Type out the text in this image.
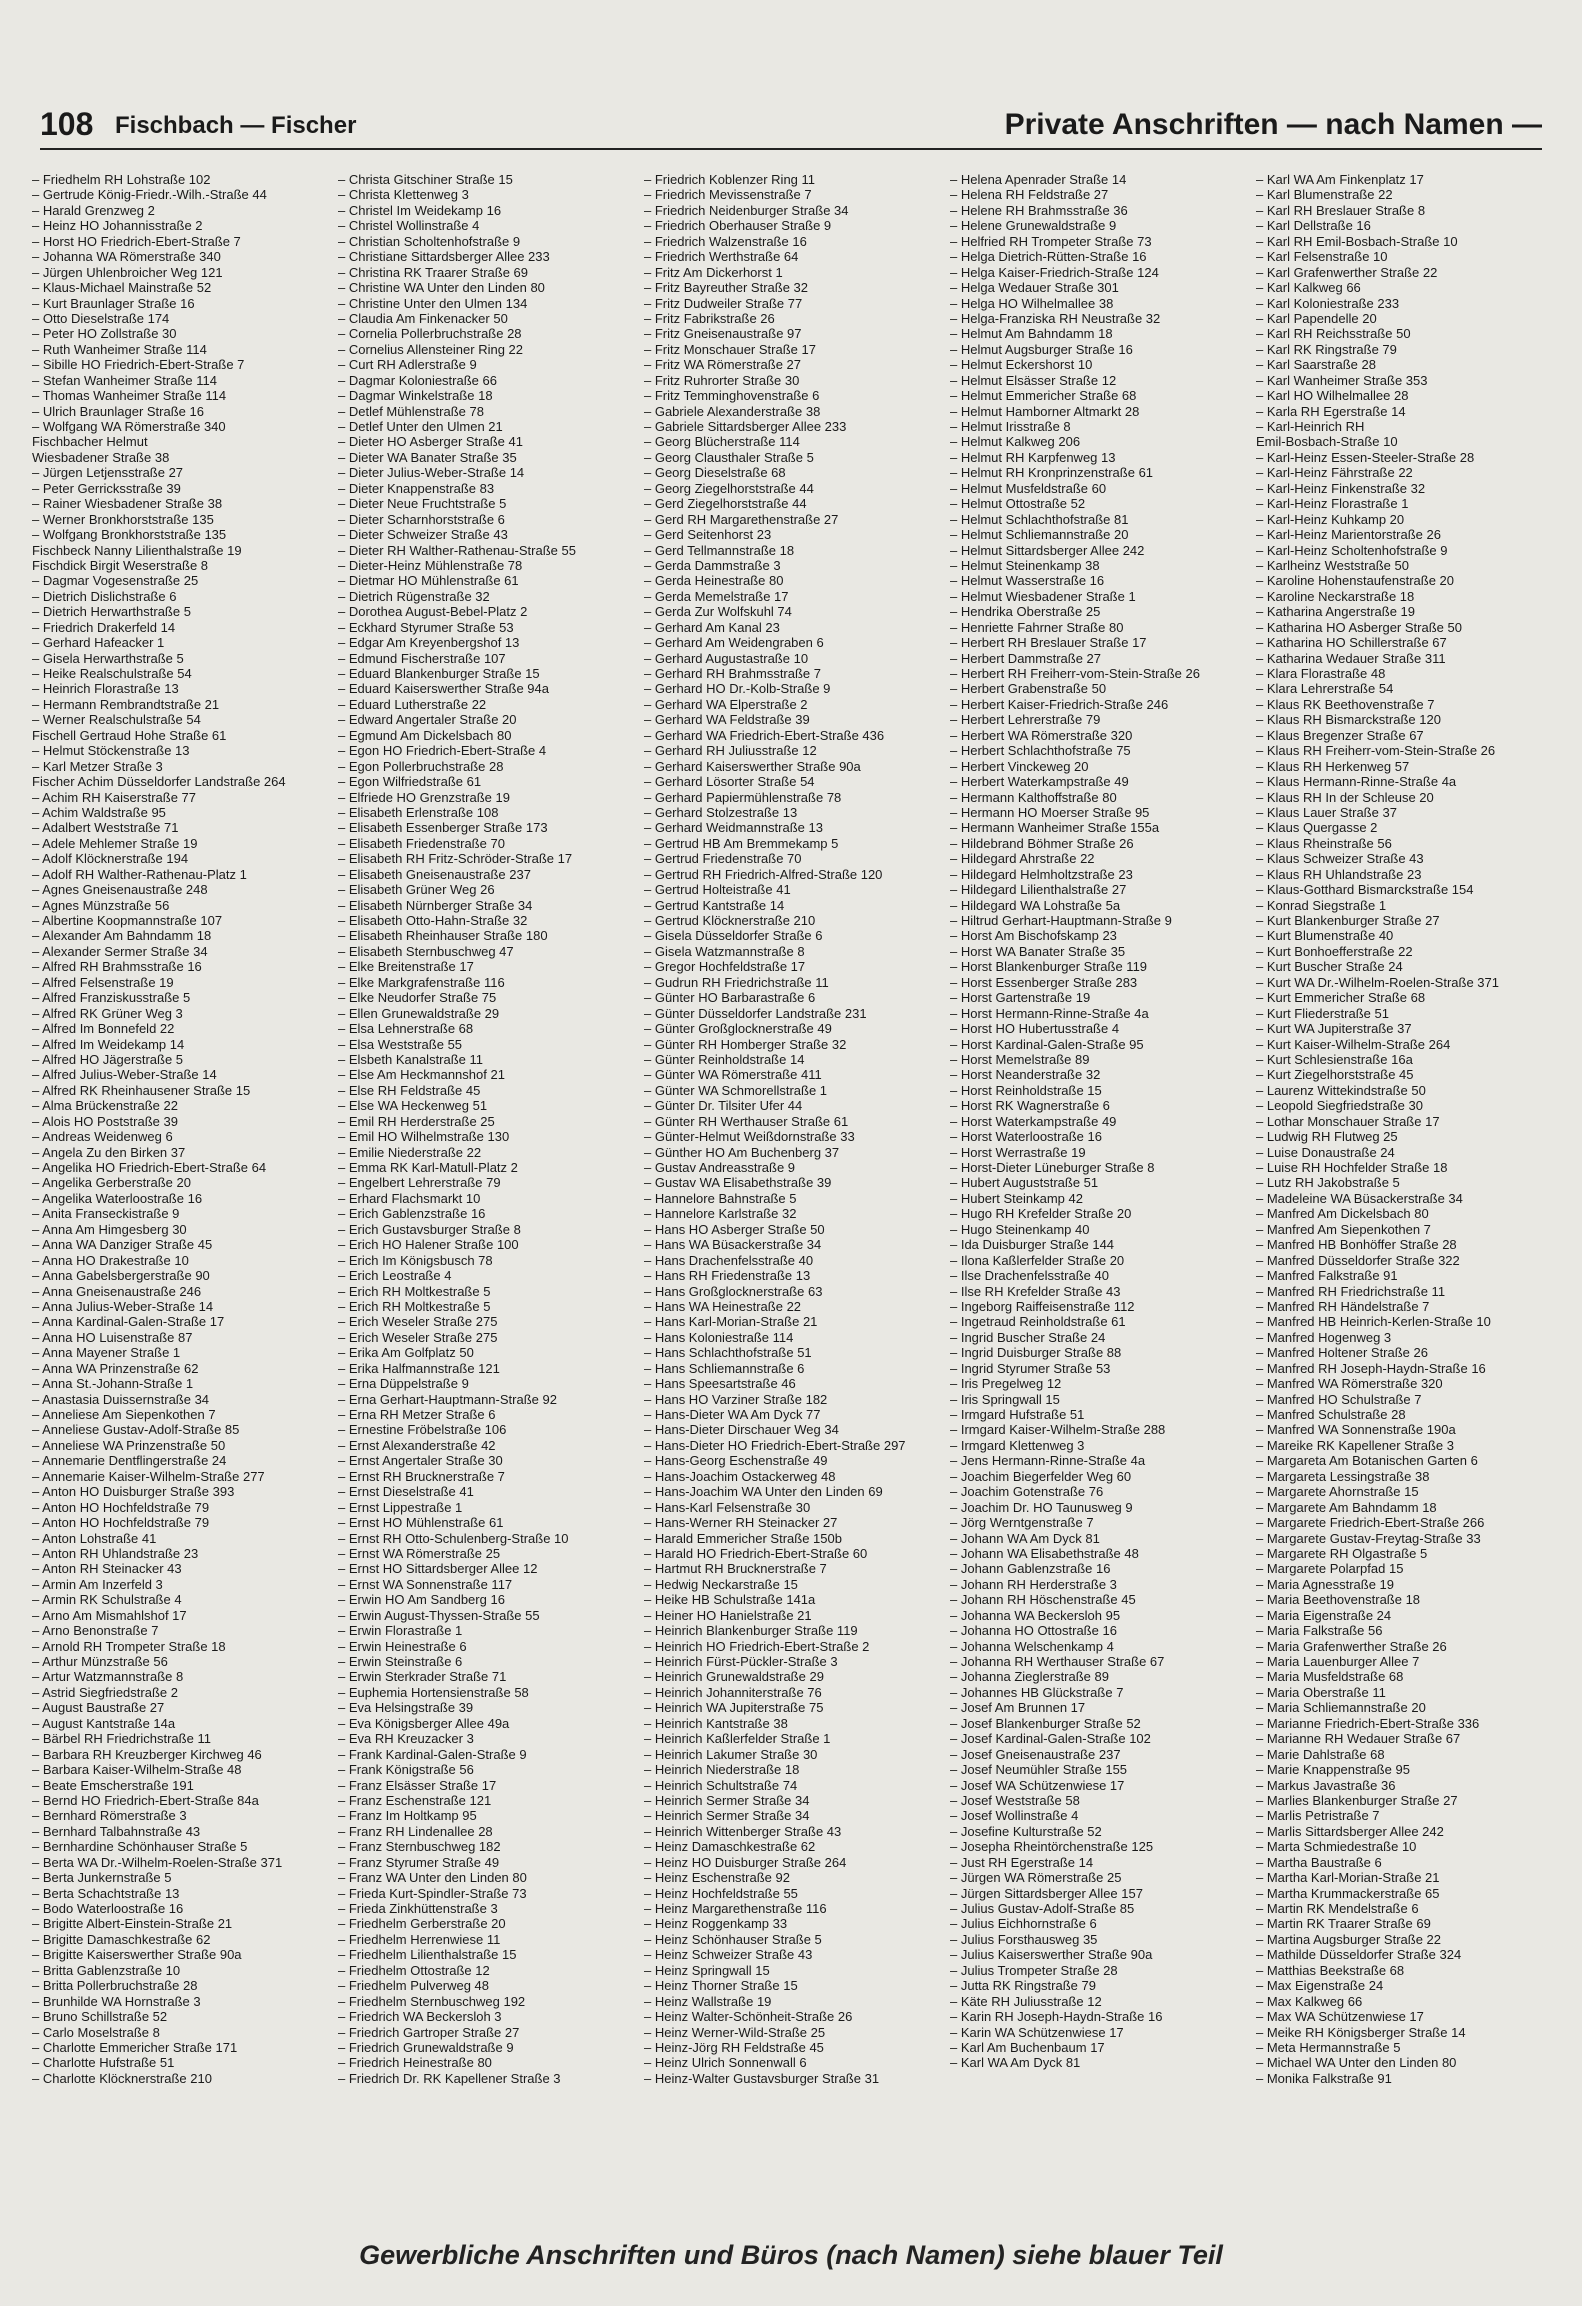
108 Fischbach — Fischer	Private Anschriften — nach Namen —
– Friedhelm RH Lohstraße 102
– Gertrude König-Friedr.-Wilh.-Straße 44
– Harald Grenzweg 2
– Heinz HO Johannisstraße 2
– Horst HO Friedrich-Ebert-Straße 7
– Johanna WA Römerstraße 340
– Jürgen Uhlenbroicher Weg 121
– Klaus-Michael Mainstraße 52
– Kurt Braunlager Straße 16
– Otto Dieselstraße 174
– Peter HO Zollstraße 30
– Ruth Wanheimer Straße 114
– Sibille HO Friedrich-Ebert-Straße 7
– Stefan Wanheimer Straße 114
– Thomas Wanheimer Straße 114
– Ulrich Braunlager Straße 16
– Wolfgang WA Römerstraße 340
Fischbacher Helmut
Wiesbadener Straße 38
– Jürgen Letjensstraße 27
– Peter Gerricksstraße 39
– Rainer Wiesbadener Straße 38
– Werner Bronkhorststraße 135
– Wolfgang Bronkhorststraße 135
Fischbeck Nanny Lilienthalstraße 19
Fischdick Birgit Weserstraße 8
– Dagmar Vogesenstraße 25
– Dietrich Dislichstraße 6
– Dietrich Herwarthstraße 5
– Friedrich Drakerfeld 14
– Gerhard Hafeacker 1
– Gisela Herwarthstraße 5
– Heike Realschulstraße 54
– Heinrich Florastraße 13
– Hermann Rembrandtstraße 21
– Werner Realschulstraße 54
Fischell Gertraud Hohe Straße 61
– Helmut Stöckenstraße 13
– Karl Metzer Straße 3
Fischer Achim Düsseldorfer Landstraße 264
– Achim RH Kaiserstraße 77
– Achim Waldstraße 95
– Adalbert Weststraße 71
– Adele Mehlemer Straße 19
– Adolf Klöcknerstraße 194
– Adolf RH Walther-Rathenau-Platz 1
– Agnes Gneisenaustraße 248
– Agnes Münzstraße 56
– Albertine Koopmannstraße 107
– Alexander Am Bahndamm 18
– Alexander Sermer Straße 34
– Alfred RH Brahmsstraße 16
– Alfred Felsenstraße 19
– Alfred Franziskusstraße 5
– Alfred RK Grüner Weg 3
– Alfred Im Bonnefeld 22
– Alfred Im Weidekamp 14
– Alfred HO Jägerstraße 5
– Alfred Julius-Weber-Straße 14
– Alfred RK Rheinhausener Straße 15
– Alma Brückenstraße 22
– Alois HO Poststraße 39
– Andreas Weidenweg 6
– Angela Zu den Birken 37
– Angelika HO Friedrich-Ebert-Straße 64
– Angelika Gerberstraße 20
– Angelika Waterloostraße 16
– Anita Franseckistraße 9
– Anna Am Himgesberg 30
– Anna WA Danziger Straße 45
– Anna HO Drakestraße 10
– Anna Gabelsbergerstraße 90
– Anna Gneisenaustraße 246
– Anna Julius-Weber-Straße 14
– Anna Kardinal-Galen-Straße 17
– Anna HO Luisenstraße 87
– Anna Mayener Straße 1
– Anna WA Prinzenstraße 62
– Anna St.-Johann-Straße 1
– Anastasia Duissernstraße 34
– Anneliese Am Siepenkothen 7
– Anneliese Gustav-Adolf-Straße 85
– Anneliese WA Prinzenstraße 50
– Annemarie Dentflingerstraße 24
– Annemarie Kaiser-Wilhelm-Straße 277
– Anton HO Duisburger Straße 393
– Anton HO Hochfeldstraße 79
– Anton HO Hochfeldstraße 79
– Anton Lohstraße 41
– Anton RH Uhlandstraße 23
– Anton RH Steinacker 43
– Armin Am Inzerfeld 3
– Armin RK Schulstraße 4
– Arno Am Mismahlshof 17
– Arno Benonstraße 7
– Arnold RH Trompeter Straße 18
– Arthur Münzstraße 56
– Artur Watzmannstraße 8
– Astrid Siegfriedstraße 2
– August Baustraße 27
– August Kantstraße 14a
– Bärbel RH Friedrichstraße 11
– Barbara RH Kreuzberger Kirchweg 46
– Barbara Kaiser-Wilhelm-Straße 48
– Beate Emscherstraße 191
– Bernd HO Friedrich-Ebert-Straße 84a
– Bernhard Römerstraße 3
– Bernhard Talbahnstraße 43
– Bernhardine Schönhauser Straße 5
– Berta WA Dr.-Wilhelm-Roelen-Straße 371
– Berta Junkernstraße 5
– Berta Schachtstraße 13
– Bodo Waterloostraße 16
– Brigitte Albert-Einstein-Straße 21
– Brigitte Damaschkestraße 62
– Brigitte Kaiserswerther Straße 90a
– Britta Gablenzstraße 10
– Britta Pollerbruchstraße 28
– Brunhilde WA Hornstraße 3
– Bruno Schillstraße 52
– Carlo Moselstraße 8
– Charlotte Emmericher Straße 171
– Charlotte Hufstraße 51
– Charlotte Klöcknerstraße 210
– Christa Gitschiner Straße 15
– Christa Klettenweg 3
– Christel Im Weidekamp 16
– Christel Wollinstraße 4
– Christian Scholtenhofstraße 9
– Christiane Sittardsberger Allee 233
– Christina RK Traarer Straße 69
– Christine WA Unter den Linden 80
– Christine Unter den Ulmen 134
– Claudia Am Finkenacker 50
– Cornelia Pollerbruchstraße 28
– Cornelius Allensteiner Ring 22
– Curt RH Adlerstraße 9
– Dagmar Koloniestraße 66
– Dagmar Winkelstraße 18
– Detlef Mühlenstraße 78
– Detlef Unter den Ulmen 21
– Dieter HO Asberger Straße 41
– Dieter WA Banater Straße 35
– Dieter Julius-Weber-Straße 14
– Dieter Knappenstraße 83
– Dieter Neue Fruchtstraße 5
– Dieter Scharnhorststraße 6
– Dieter Schweizer Straße 43
– Dieter RH Walther-Rathenau-Straße 55
– Dieter-Heinz Mühlenstraße 78
– Dietmar HO Mühlenstraße 61
– Dietrich Rügenstraße 32
– Dorothea August-Bebel-Platz 2
– Eckhard Styrumer Straße 53
– Edgar Am Kreyenbergshof 13
– Edmund Fischerstraße 107
– Eduard Blankenburger Straße 15
– Eduard Kaiserswerther Straße 94a
– Eduard Lutherstraße 22
– Edward Angertaler Straße 20
– Egmund Am Dickelsbach 80
– Egon HO Friedrich-Ebert-Straße 4
– Egon Pollerbruchstraße 28
– Egon Wilfriedstraße 61
– Elfriede HO Grenzstraße 19
– Elisabeth Erlenstraße 108
– Elisabeth Essenberger Straße 173
– Elisabeth Friedenstraße 70
– Elisabeth RH Fritz-Schröder-Straße 17
– Elisabeth Gneisenaustraße 237
– Elisabeth Grüner Weg 26
– Elisabeth Nürnberger Straße 34
– Elisabeth Otto-Hahn-Straße 32
– Elisabeth Rheinhauser Straße 180
– Elisabeth Sternbuschweg 47
– Elke Breitenstraße 17
– Elke Markgrafenstraße 116
– Elke Neudorfer Straße 75
– Ellen Grunewaldstraße 29
– Elsa Lehnerstraße 68
– Elsa Weststraße 55
– Elsbeth Kanalstraße 11
– Else Am Heckmannshof 21
– Else RH Feldstraße 45
– Else WA Heckenweg 51
– Emil RH Herderstraße 25
– Emil HO Wilhelmstraße 130
– Emilie Niederstraße 22
– Emma RK Karl-Matull-Platz 2
– Engelbert Lehrerstraße 79
– Erhard Flachsmarkt 10
– Erich Gablenzstraße 16
– Erich Gustavsburger Straße 8
– Erich HO Halener Straße 100
– Erich Im Königsbusch 78
– Erich Leostraße 4
– Erich RH Moltkestraße 5
– Erich RH Moltkestraße 5
– Erich Weseler Straße 275
– Erich Weseler Straße 275
– Erika Am Golfplatz 50
– Erika Halfmannstraße 121
– Erna Düppelstraße 9
– Erna Gerhart-Hauptmann-Straße 92
– Erna RH Metzer Straße 6
– Ernestine Fröbelstraße 106
– Ernst Alexanderstraße 42
– Ernst Angertaler Straße 30
– Ernst RH Brucknerstraße 7
– Ernst Dieselstraße 41
– Ernst Lippestraße 1
– Ernst HO Mühlenstraße 61
– Ernst RH Otto-Schulenberg-Straße 10
– Ernst WA Römerstraße 25
– Ernst HO Sittardsberger Allee 12
– Ernst WA Sonnenstraße 117
– Erwin HO Am Sandberg 16
– Erwin August-Thyssen-Straße 55
– Erwin Florastraße 1
– Erwin Heinestraße 6
– Erwin Steinstraße 6
– Erwin Sterkrader Straße 71
– Euphemia Hortensienstraße 58
– Eva Helsingstraße 39
– Eva Königsberger Allee 49a
– Eva RH Kreuzacker 3
– Frank Kardinal-Galen-Straße 9
– Frank Königstraße 56
– Franz Elsässer Straße 17
– Franz Eschenstraße 121
– Franz Im Holtkamp 95
– Franz RH Lindenallee 28
– Franz Sternbuschweg 182
– Franz Styrumer Straße 49
– Franz WA Unter den Linden 80
– Frieda Kurt-Spindler-Straße 73
– Frieda Zinkhüttenstraße 3
– Friedhelm Gerberstraße 20
– Friedhelm Herrenwiese 11
– Friedhelm Lilienthalstraße 15
– Friedhelm Ottostraße 12
– Friedhelm Pulverweg 48
– Friedhelm Sternbuschweg 192
– Friedrich WA Beckersloh 3
– Friedrich Gartroper Straße 27
– Friedrich Grunewaldstraße 9
– Friedrich Heinestraße 80
– Friedrich Dr. RK Kapellener Straße 3
– Friedrich Koblenzer Ring 11
– Friedrich Mevissenstraße 7
– Friedrich Neidenburger Straße 34
– Friedrich Oberhauser Straße 9
– Friedrich Walzenstraße 16
– Friedrich Werthstraße 64
– Fritz Am Dickerhorst 1
– Fritz Bayreuther Straße 32
– Fritz Dudweiler Straße 77
– Fritz Fabrikstraße 26
– Fritz Gneisenaustraße 97
– Fritz Monschauer Straße 17
– Fritz WA Römerstraße 27
– Fritz Ruhrorter Straße 30
– Fritz Temminghovenstraße 6
– Gabriele Alexanderstraße 38
– Gabriele Sittardsberger Allee 233
– Georg Blücherstraße 114
– Georg Clausthaler Straße 5
– Georg Dieselstraße 68
– Georg Ziegelhorststraße 44
– Gerd Ziegelhorststraße 44
– Gerd RH Margarethenstraße 27
– Gerd Seitenhorst 23
– Gerd Tellmannstraße 18
– Gerda Dammstraße 3
– Gerda Heinestraße 80
– Gerda Memelstraße 17
– Gerda Zur Wolfskuhl 74
– Gerhard Am Kanal 23
– Gerhard Am Weidengraben 6
– Gerhard Augustastraße 10
– Gerhard RH Brahmsstraße 7
– Gerhard HO Dr.-Kolb-Straße 9
– Gerhard WA Elperstraße 2
– Gerhard WA Feldstraße 39
– Gerhard WA Friedrich-Ebert-Straße 436
– Gerhard RH Juliusstraße 12
– Gerhard Kaiserswerther Straße 90a
– Gerhard Lösorter Straße 54
– Gerhard Papiermühlenstraße 78
– Gerhard Stolzestraße 13
– Gerhard Weidmannstraße 13
– Gertrud HB Am Bremmekamp 5
– Gertrud Friedenstraße 70
– Gertrud RH Friedrich-Alfred-Straße 120
– Gertrud Holteistraße 41
– Gertrud Kantstraße 14
– Gertrud Klöcknerstraße 210
– Gisela Düsseldorfer Straße 6
– Gisela Watzmannstraße 8
– Gregor Hochfeldstraße 17
– Gudrun RH Friedrichstraße 11
– Günter HO Barbarastraße 6
– Günter Düsseldorfer Landstraße 231
– Günter Großglocknerstraße 49
– Günter RH Homberger Straße 32
– Günter Reinholdstraße 14
– Günter WA Römerstraße 411
– Günter WA Schmorellstraße 1
– Günter Dr. Tilsiter Ufer 44
– Günter RH Werthauser Straße 61
– Günter-Helmut Weißdornstraße 33
– Günther HO Am Buchenberg 37
– Gustav Andreasstraße 9
– Gustav WA Elisabethstraße 39
– Hannelore Bahnstraße 5
– Hannelore Karlstraße 32
– Hans HO Asberger Straße 50
– Hans WA Büsackerstraße 34
– Hans Drachenfelsstraße 40
– Hans RH Friedenstraße 13
– Hans Großglocknerstraße 63
– Hans WA Heinestraße 22
– Hans Karl-Morian-Straße 21
– Hans Koloniestraße 114
– Hans Schlachthofstraße 51
– Hans Schliemannstraße 6
– Hans Speesartstraße 46
– Hans HO Varziner Straße 182
– Hans-Dieter WA Am Dyck 77
– Hans-Dieter Dirschauer Weg 34
– Hans-Dieter HO Friedrich-Ebert-Straße 297
– Hans-Georg Eschenstraße 49
– Hans-Joachim Ostackerweg 48
– Hans-Joachim WA Unter den Linden 69
– Hans-Karl Felsenstraße 30
– Hans-Werner RH Steinacker 27
– Harald Emmericher Straße 150b
– Harald HO Friedrich-Ebert-Straße 60
– Hartmut RH Brucknerstraße 7
– Hedwig Neckarstraße 15
– Heike HB Schulstraße 141a
– Heiner HO Hanielstraße 21
– Heinrich Blankenburger Straße 119
– Heinrich HO Friedrich-Ebert-Straße 2
– Heinrich Fürst-Pückler-Straße 3
– Heinrich Grunewaldstraße 29
– Heinrich Johanniterstraße 76
– Heinrich WA Jupiterstraße 75
– Heinrich Kantstraße 38
– Heinrich Kaßlerfelder Straße 1
– Heinrich Lakumer Straße 30
– Heinrich Niederstraße 18
– Heinrich Schultstraße 74
– Heinrich Sermer Straße 34
– Heinrich Sermer Straße 34
– Heinrich Wittenberger Straße 43
– Heinz Damaschkestraße 62
– Heinz HO Duisburger Straße 264
– Heinz Eschenstraße 92
– Heinz Hochfeldstraße 55
– Heinz Margarethenstraße 116
– Heinz Roggenkamp 33
– Heinz Schönhauser Straße 5
– Heinz Schweizer Straße 43
– Heinz Springwall 15
– Heinz Thorner Straße 15
– Heinz Wallstraße 19
– Heinz Walter-Schönheit-Straße 26
– Heinz Werner-Wild-Straße 25
– Heinz-Jörg RH Feldstraße 45
– Heinz Ulrich Sonnenwall 6
– Heinz-Walter Gustavsburger Straße 31
– Helena Apenrader Straße 14
– Helena RH Feldstraße 27
– Helene RH Brahmsstraße 36
– Helene Grunewaldstraße 9
– Helfried RH Trompeter Straße 73
– Helga Dietrich-Rütten-Straße 16
– Helga Kaiser-Friedrich-Straße 124
– Helga Wedauer Straße 301
– Helga HO Wilhelmallee 38
– Helga-Franziska RH Neustraße 32
– Helmut Am Bahndamm 18
– Helmut Augsburger Straße 16
– Helmut Eckershorst 10
– Helmut Elsässer Straße 12
– Helmut Emmericher Straße 68
– Helmut Hamborner Altmarkt 28
– Helmut Irisstraße 8
– Helmut Kalkweg 206
– Helmut RH Karpfenweg 13
– Helmut RH Kronprinzenstraße 61
– Helmut Musfeldstraße 60
– Helmut Ottostraße 52
– Helmut Schlachthofstraße 81
– Helmut Schliemannstraße 20
– Helmut Sittardsberger Allee 242
– Helmut Steinenkamp 38
– Helmut Wasserstraße 16
– Helmut Wiesbadener Straße 1
– Hendrika Oberstraße 25
– Henriette Fahrner Straße 80
– Herbert RH Breslauer Straße 17
– Herbert Dammstraße 27
– Herbert RH Freiherr-vom-Stein-Straße 26
– Herbert Grabenstraße 50
– Herbert Kaiser-Friedrich-Straße 246
– Herbert Lehrerstraße 79
– Herbert WA Römerstraße 320
– Herbert Schlachthofstraße 75
– Herbert Vinckeweg 20
– Herbert Waterkampstraße 49
– Hermann Kalthoffstraße 80
– Hermann HO Moerser Straße 95
– Hermann Wanheimer Straße 155a
– Hildebrand Böhmer Straße 26
– Hildegard Ahrstraße 22
– Hildegard Helmholtzstraße 23
– Hildegard Lilienthalstraße 27
– Hildegard WA Lohstraße 5a
– Hiltrud Gerhart-Hauptmann-Straße 9
– Horst Am Bischofskamp 23
– Horst WA Banater Straße 35
– Horst Blankenburger Straße 119
– Horst Essenberger Straße 283
– Horst Gartenstraße 19
– Horst Hermann-Rinne-Straße 4a
– Horst HO Hubertusstraße 4
– Horst Kardinal-Galen-Straße 95
– Horst Memelstraße 89
– Horst Neanderstraße 32
– Horst Reinholdstraße 15
– Horst RK Wagnerstraße 6
– Horst Waterkampstraße 49
– Horst Waterloostraße 16
– Horst Werrastraße 19
– Horst-Dieter Lüneburger Straße 8
– Hubert Auguststraße 51
– Hubert Steinkamp 42
– Hugo RH Krefelder Straße 20
– Hugo Steinenkamp 40
– Ida Duisburger Straße 144
– Ilona Kaßlerfelder Straße 20
– Ilse Drachenfelsstraße 40
– Ilse RH Krefelder Straße 43
– Ingeborg Raiffeisenstraße 112
– Ingetraud Reinholdstraße 61
– Ingrid Buscher Straße 24
– Ingrid Duisburger Straße 88
– Ingrid Styrumer Straße 53
– Iris Pregelweg 12
– Iris Springwall 15
– Irmgard Hufstraße 51
– Irmgard Kaiser-Wilhelm-Straße 288
– Irmgard Klettenweg 3
– Jens Hermann-Rinne-Straße 4a
– Joachim Biegerfelder Weg 60
– Joachim Gotenstraße 76
– Joachim Dr. HO Taunusweg 9
– Jörg Werntgenstraße 7
– Johann WA Am Dyck 81
– Johann WA Elisabethstraße 48
– Johann Gablenzstraße 16
– Johann RH Herderstraße 3
– Johann RH Höschenstraße 45
– Johanna WA Beckersloh 95
– Johanna HO Ottostraße 16
– Johanna Welschenkamp 4
– Johanna RH Werthauser Straße 67
– Johanna Zieglerstraße 89
– Johannes HB Glückstraße 7
– Josef Am Brunnen 17
– Josef Blankenburger Straße 52
– Josef Kardinal-Galen-Straße 102
– Josef Gneisenaustraße 237
– Josef Neumühler Straße 155
– Josef WA Schützenwiese 17
– Josef Weststraße 58
– Josef Wollinstraße 4
– Josefine Kulturstraße 52
– Josepha Rheintörchenstraße 125
– Just RH Egerstraße 14
– Jürgen WA Römerstraße 25
– Jürgen Sittardsberger Allee 157
– Julius Gustav-Adolf-Straße 85
– Julius Eichhornstraße 6
– Julius Forsthausweg 35
– Julius Kaiserswerther Straße 90a
– Julius Trompeter Straße 28
– Jutta RK Ringstraße 79
– Käte RH Juliusstraße 12
– Karin RH Joseph-Haydn-Straße 16
– Karin WA Schützenwiese 17
– Karl Am Buchenbaum 17
– Karl WA Am Dyck 81
– Karl WA Am Finkenplatz 17
– Karl Blumenstraße 22
– Karl RH Breslauer Straße 8
– Karl Dellstraße 16
– Karl RH Emil-Bosbach-Straße 10
– Karl Felsenstraße 10
– Karl Grafenwerther Straße 22
– Karl Kalkweg 66
– Karl Koloniestraße 233
– Karl Papendelle 20
– Karl RH Reichsstraße 50
– Karl RK Ringstraße 79
– Karl Saarstraße 28
– Karl Wanheimer Straße 353
– Karl HO Wilhelmallee 28
– Karla RH Egerstraße 14
– Karl-Heinrich RH
Emil-Bosbach-Straße 10
– Karl-Heinz Essen-Steeler-Straße 28
– Karl-Heinz Fährstraße 22
– Karl-Heinz Finkenstraße 32
– Karl-Heinz Florastraße 1
– Karl-Heinz Kuhkamp 20
– Karl-Heinz Marientorstraße 26
– Karl-Heinz Scholtenhofstraße 9
– Karlheinz Weststraße 50
– Karoline Hohenstaufenstraße 20
– Karoline Neckarstraße 18
– Katharina Angerstraße 19
– Katharina HO Asberger Straße 50
– Katharina HO Schillerstraße 67
– Katharina Wedauer Straße 311
– Klara Florastraße 48
– Klara Lehrerstraße 54
– Klaus RK Beethovenstraße 7
– Klaus RH Bismarckstraße 120
– Klaus Bregenzer Straße 67
– Klaus RH Freiherr-vom-Stein-Straße 26
– Klaus RH Herkenweg 57
– Klaus Hermann-Rinne-Straße 4a
– Klaus RH In der Schleuse 20
– Klaus Lauer Straße 37
– Klaus Quergasse 2
– Klaus Rheinstraße 56
– Klaus Schweizer Straße 43
– Klaus RH Uhlandstraße 23
– Klaus-Gotthard Bismarckstraße 154
– Konrad Siegstraße 1
– Kurt Blankenburger Straße 27
– Kurt Blumenstraße 40
– Kurt Bonhoefferstraße 22
– Kurt Buscher Straße 24
– Kurt WA Dr.-Wilhelm-Roelen-Straße 371
– Kurt Emmericher Straße 68
– Kurt Fliederstraße 51
– Kurt WA Jupiterstraße 37
– Kurt Kaiser-Wilhelm-Straße 264
– Kurt Schlesienstraße 16a
– Kurt Ziegelhorststraße 45
– Laurenz Wittekindstraße 50
– Leopold Siegfriedstraße 30
– Lothar Monschauer Straße 17
– Ludwig RH Flutweg 25
– Luise Donaustraße 24
– Luise RH Hochfelder Straße 18
– Lutz RH Jakobstraße 5
– Madeleine WA Büsackerstraße 34
– Manfred Am Dickelsbach 80
– Manfred Am Siepenkothen 7
– Manfred HB Bonhöffer Straße 28
– Manfred Düsseldorfer Straße 322
– Manfred Falkstraße 91
– Manfred RH Friedrichstraße 11
– Manfred RH Händelstraße 7
– Manfred HB Heinrich-Kerlen-Straße 10
– Manfred Hogenweg 3
– Manfred Holtener Straße 26
– Manfred RH Joseph-Haydn-Straße 16
– Manfred WA Römerstraße 320
– Manfred HO Schulstraße 7
– Manfred Schulstraße 28
– Manfred WA Sonnenstraße 190a
– Mareike RK Kapellener Straße 3
– Margareta Am Botanischen Garten 6
– Margareta Lessingstraße 38
– Margarete Ahornstraße 15
– Margarete Am Bahndamm 18
– Margarete Friedrich-Ebert-Straße 266
– Margarete Gustav-Freytag-Straße 33
– Margarete RH Olgastraße 5
– Margarete Polarpfad 15
– Maria Agnesstraße 19
– Maria Beethovenstraße 18
– Maria Eigenstraße 24
– Maria Falkstraße 56
– Maria Grafenwerther Straße 26
– Maria Lauenburger Allee 7
– Maria Musfeldstraße 68
– Maria Oberstraße 11
– Maria Schliemannstraße 20
– Marianne Friedrich-Ebert-Straße 336
– Marianne RH Wedauer Straße 67
– Marie Dahlstraße 68
– Marie Knappenstraße 95
– Markus Javastraße 36
– Marlies Blankenburger Straße 27
– Marlis Petristraße 7
– Marlis Sittardsberger Allee 242
– Marta Schmiedestraße 10
– Martha Baustraße 6
– Martha Karl-Morian-Straße 21
– Martha Krummackerstraße 65
– Martin RK Mendelstraße 6
– Martin RK Traarer Straße 69
– Martina Augsburger Straße 22
– Mathilde Düsseldorfer Straße 324
– Matthias Beekstraße 68
– Max Eigenstraße 24
– Max Kalkweg 66
– Max WA Schützenwiese 17
– Meike RH Königsberger Straße 14
– Meta Hermannstraße 5
– Michael WA Unter den Linden 80
– Monika Falkstraße 91
Gewerbliche Anschriften und Büros (nach Namen) siehe blauer Teil
